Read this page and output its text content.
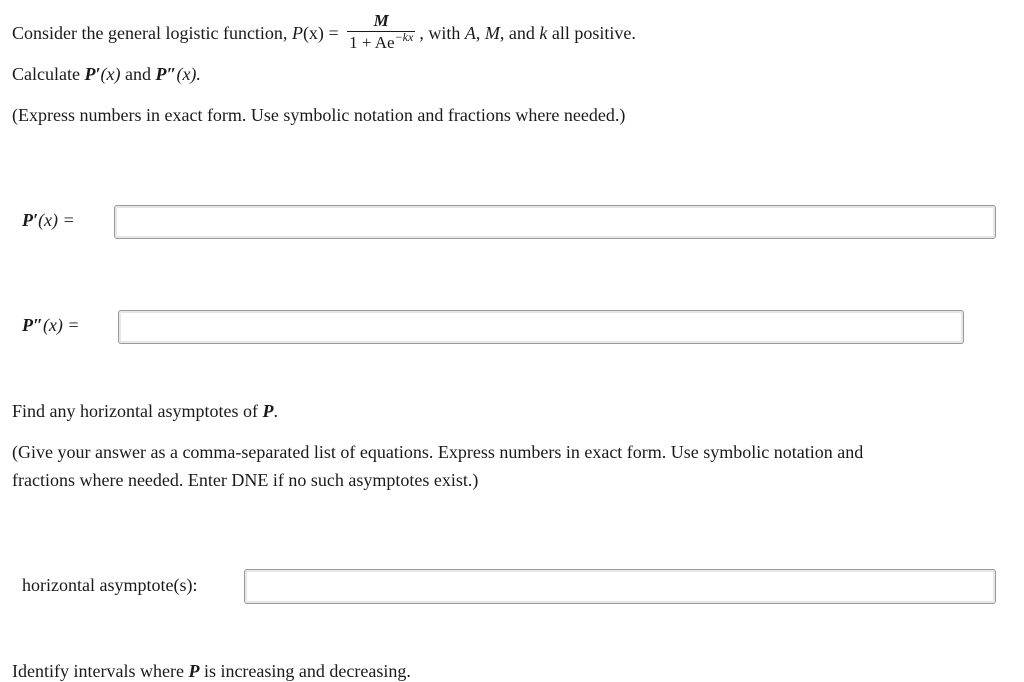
Consider the general logistic function, $P(x) = \frac{M}{1 + Ae^{-kx}}$ , with A, M, and k all positive.
Calculate P′(x) and P″(x).
(Express numbers in exact form. Use symbolic notation and fractions where needed.)
P′(x) =
P″(x) =
Find any horizontal asymptotes of P.
(Give your answer as a comma-separated list of equations. Express numbers in exact form. Use symbolic notation and
fractions where needed. Enter DNE if no such asymptotes exist.)
horizontal asymptote(s):
Identify intervals where P is increasing and decreasing.
